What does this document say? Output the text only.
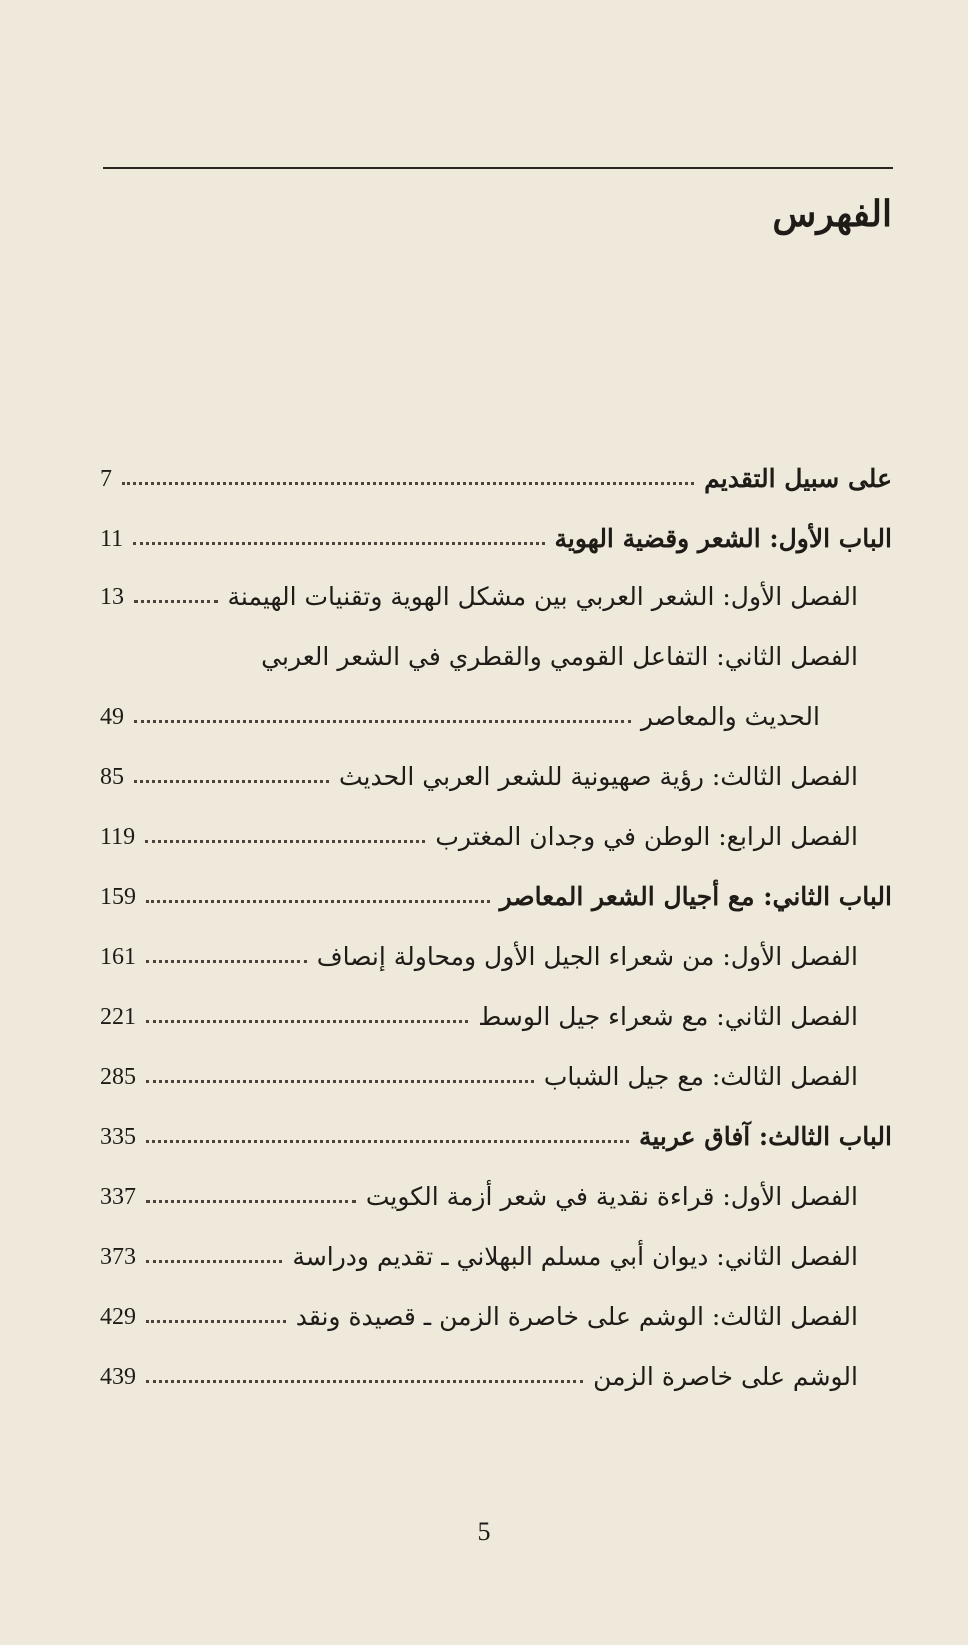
الفهرس
على سبيل التقديم
7
الباب الأول: الشعر وقضية الهوية
11
الفصل الأول: الشعر العربي بين مشكل الهوية وتقنيات الهيمنة
13
الفصل الثاني: التفاعل القومي والقطري في الشعر العربي
الحديث والمعاصر
49
الفصل الثالث: رؤية صهيونية للشعر العربي الحديث
85
الفصل الرابع: الوطن في وجدان المغترب
119
الباب الثاني: مع أجيال الشعر المعاصر
159
الفصل الأول: من شعراء الجيل الأول ومحاولة إنصاف
161
الفصل الثاني: مع شعراء جيل الوسط
221
الفصل الثالث: مع جيل الشباب
285
الباب الثالث: آفاق عربية
335
الفصل الأول: قراءة نقدية في شعر أزمة الكويت
337
الفصل الثاني: ديوان أبي مسلم البهلاني ـ تقديم ودراسة
373
الفصل الثالث: الوشم على خاصرة الزمن ـ قصيدة ونقد
429
الوشم على خاصرة الزمن
439
5
